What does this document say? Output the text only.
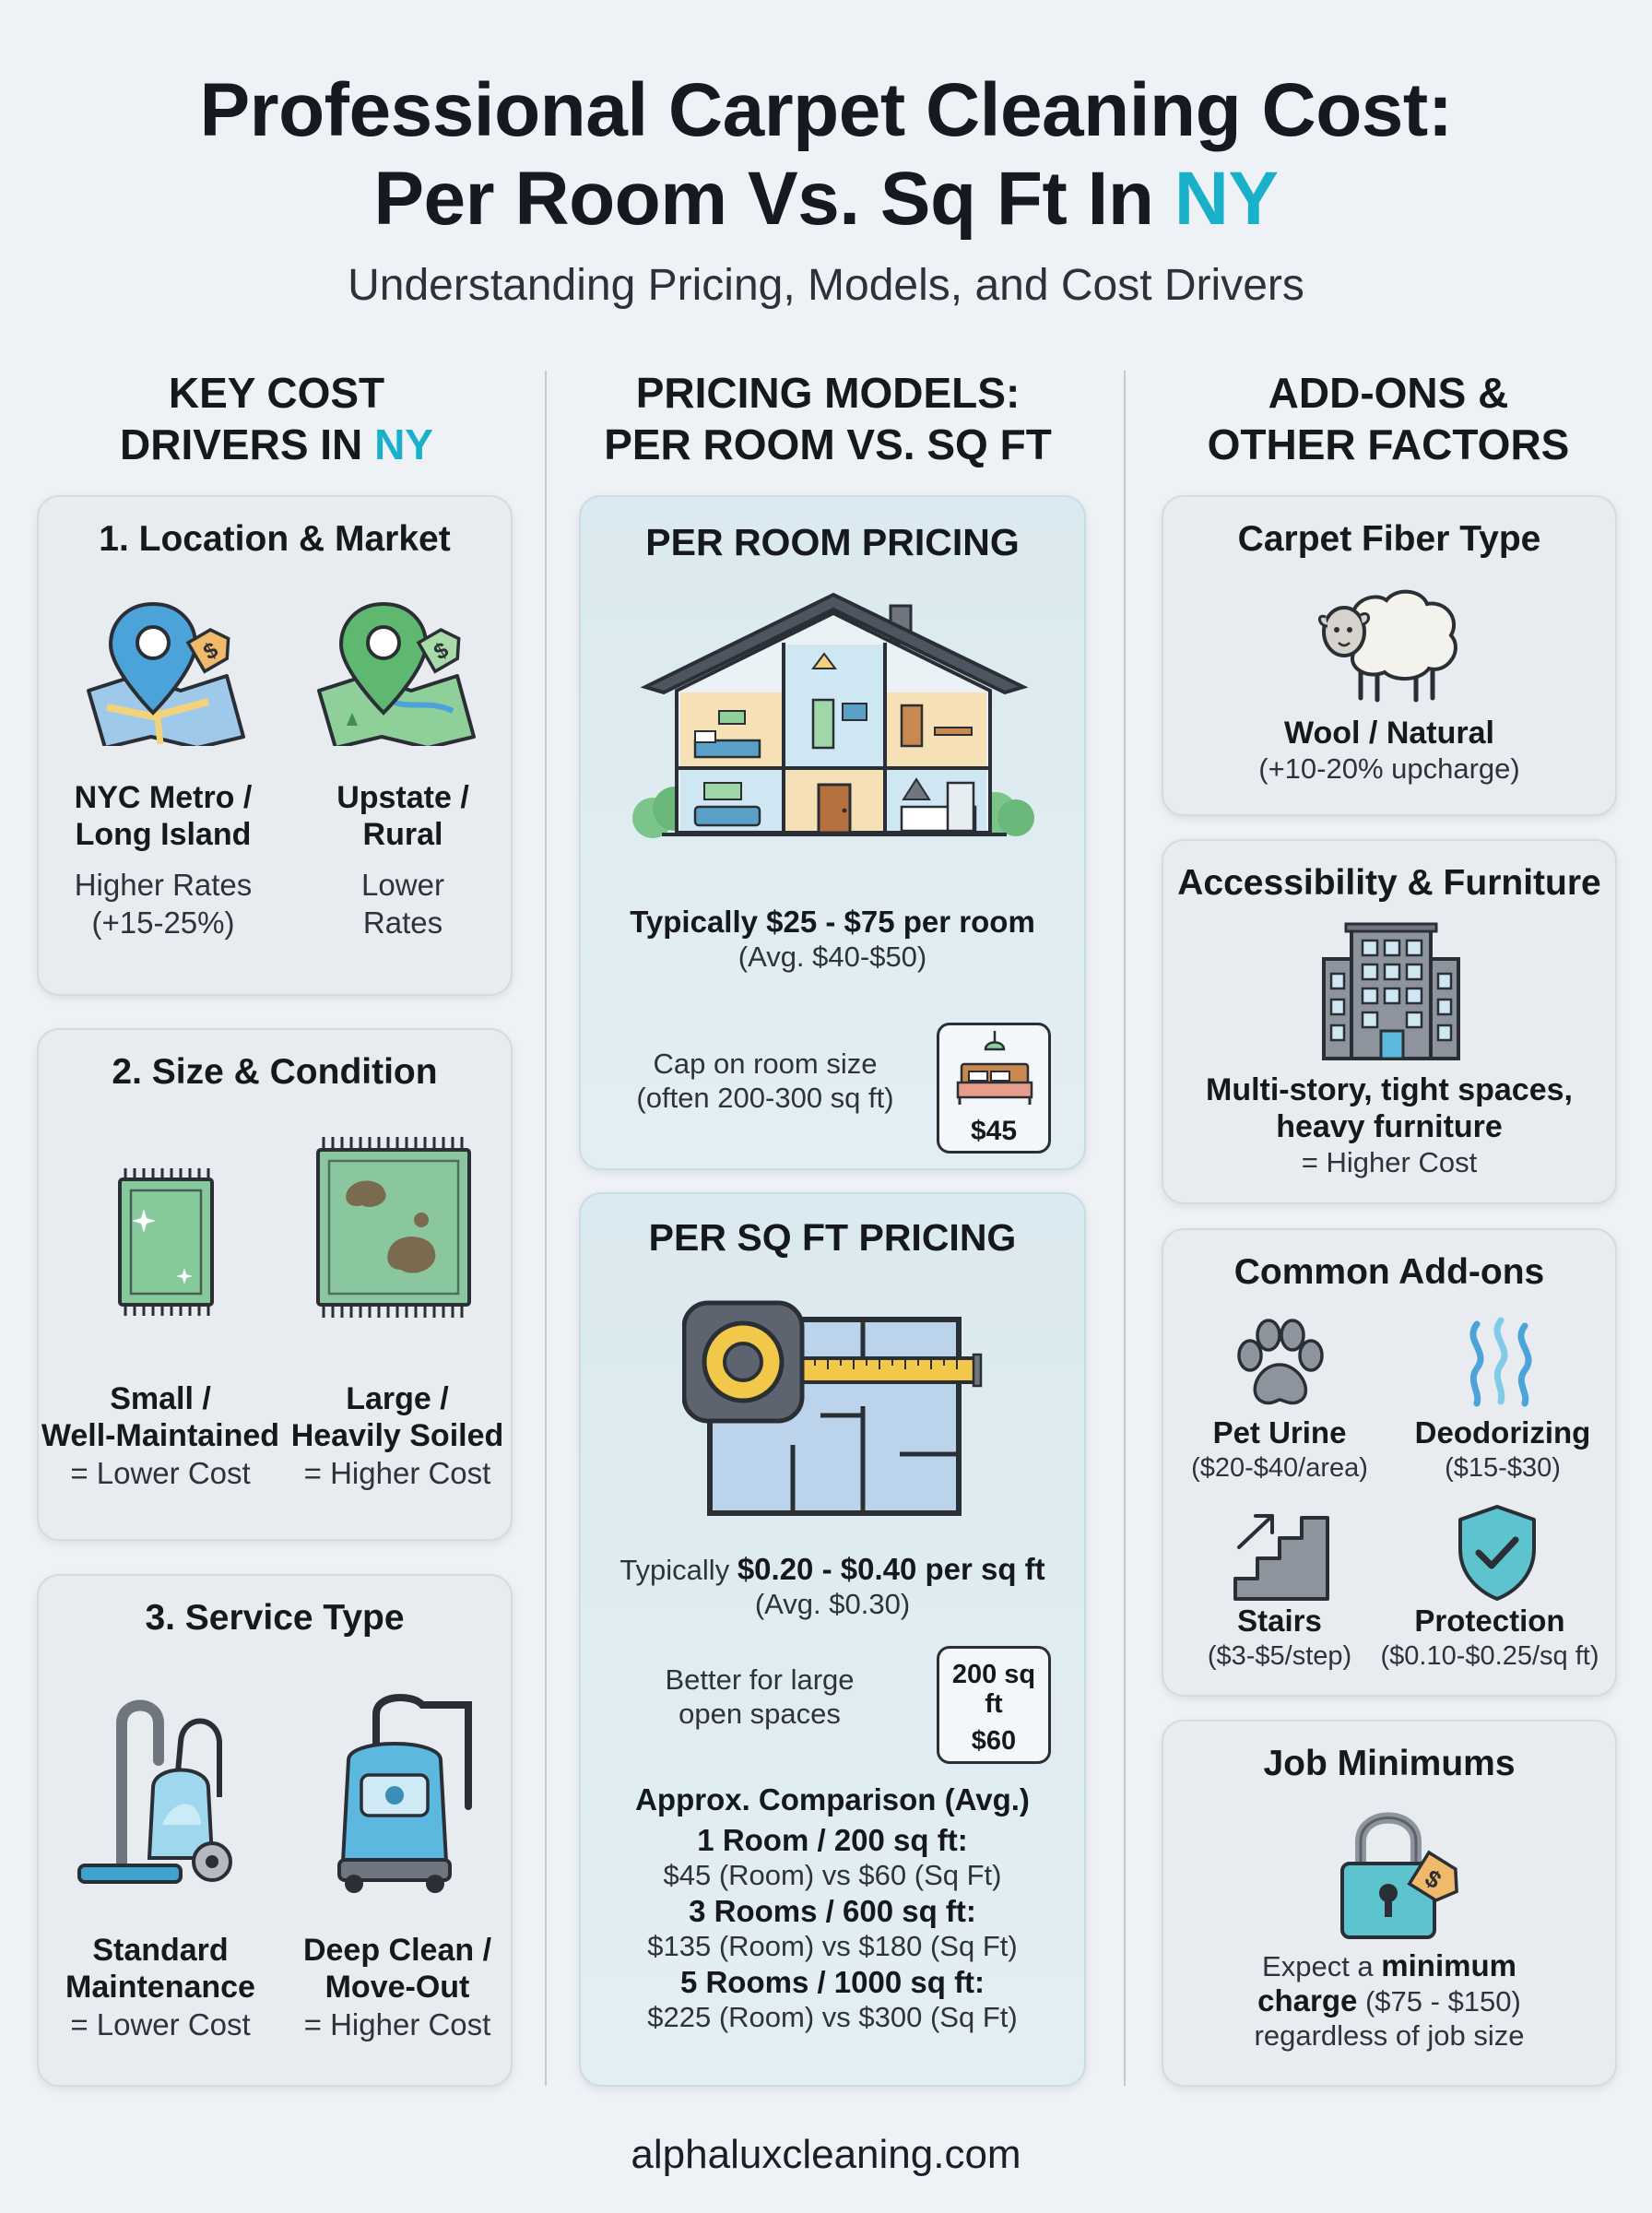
Professional Carpet Cleaning Cost:
Per Room Vs. Sq Ft In NY
Understanding Pricing, Models, and Cost Drivers
KEY COST
DRIVERS IN NY
PRICING MODELS:
PER ROOM VS. SQ FT
ADD-ONS &
OTHER FACTORS
1. Location & Market
$	$
NYC Metro /
Long Island
Higher Rates
(+15-25%)
Upstate /
Rural
Lower
Rates
2. Size & Condition
Small /
Well-Maintained
= Lower Cost
Large /
Heavily Soiled
= Higher Cost
3. Service Type
Standard
Maintenance
= Lower Cost
Deep Clean /
Move-Out
= Higher Cost
PER ROOM PRICING
Typically $25 - $75 per room
(Avg. $40-$50)
Cap on room size
(often 200-300 sq ft)
$45
PER SQ FT PRICING
Typically $0.20 - $0.40 per sq ft
(Avg. $0.30)
Better for large
open spaces
200 sq
ft
$60
Approx. Comparison (Avg.)
1 Room / 200 sq ft:
$45 (Room) vs $60 (Sq Ft)
3 Rooms / 600 sq ft:
$135 (Room) vs $180 (Sq Ft)
5 Rooms / 1000 sq ft:
$225 (Room) vs $300 (Sq Ft)
Carpet Fiber Type
Wool / Natural
(+10-20% upcharge)
Accessibility & Furniture
Multi-story, tight spaces,
heavy furniture
= Higher Cost
Common Add-ons
Pet Urine
($20-$40/area)
Deodorizing
($15-$30)
Stairs
($3-$5/step)
Protection
($0.10-$0.25/sq ft)
Job Minimums
$
Expect a minimum
charge ($75 - $150)
regardless of job size
alphaluxcleaning.com
